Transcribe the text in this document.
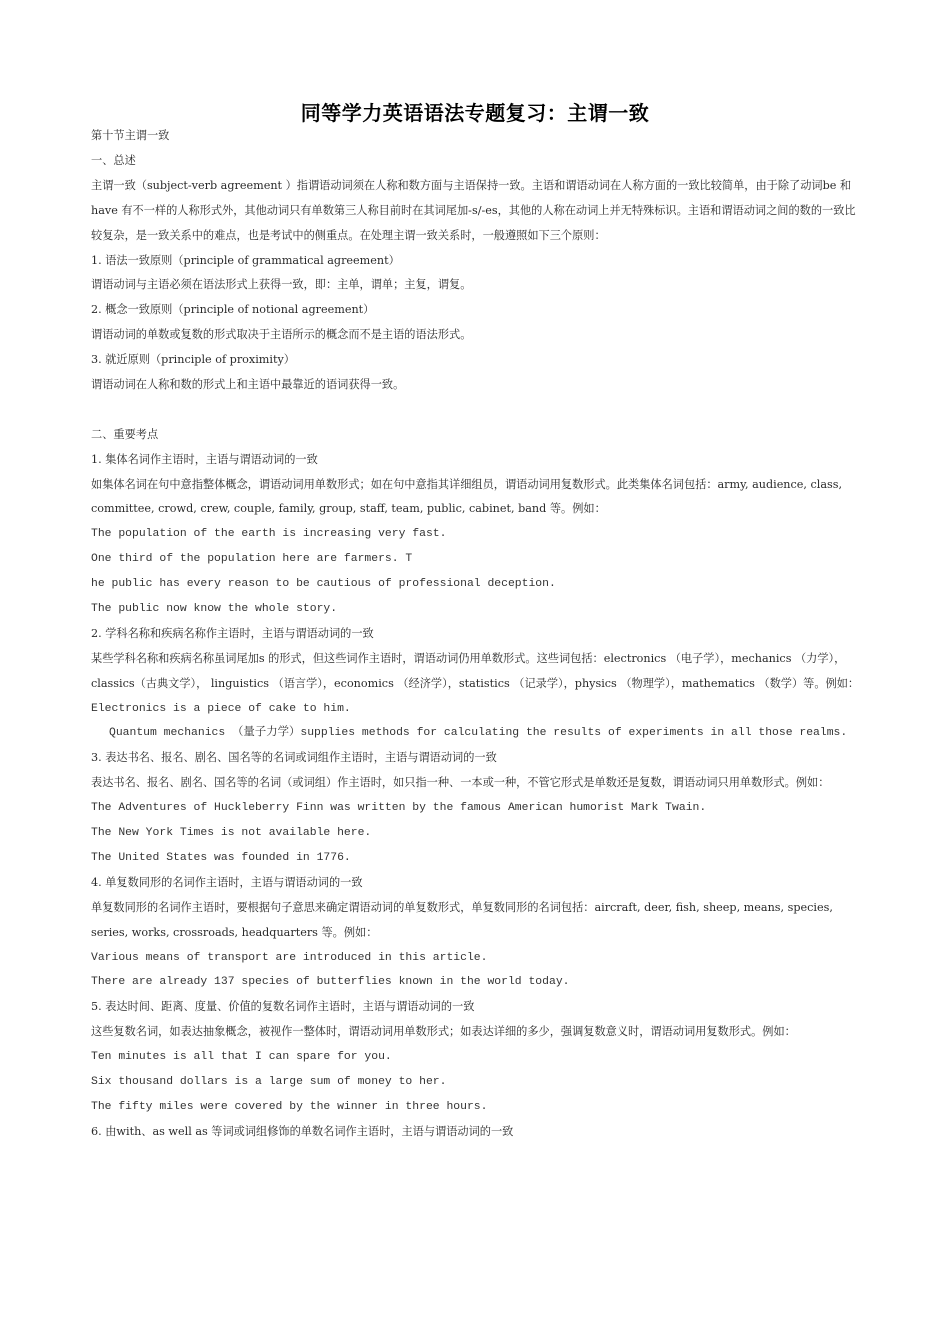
同等学力英语语法专题复习：主谓一致
第十节主谓一致
一、总述
主谓一致（subject-verb agreement ）指谓语动词须在人称和数方面与主语保持一致。主语和谓语动词在人称方面的一致比较简单，由于除了动词be 和have 有不一样的人称形式外，其他动词只有单数第三人称目前时在其词尾加-s/-es，其他的人称在动词上并无特殊标识。主语和谓语动词之间的数的一致比较复杂，是一致关系中的难点，也是考试中的侧重点。在处理主谓一致关系时，一般遵照如下三个原则：
1. 语法一致原则（principle of grammatical agreement）
谓语动词与主语必须在语法形式上获得一致，即：主单，谓单；主复，谓复。
2. 概念一致原则（principle of notional agreement）
谓语动词的单数或复数的形式取决于主语所示的概念而不是主语的语法形式。
3. 就近原则（principle of proximity）
谓语动词在人称和数的形式上和主语中最靠近的语词获得一致。
二、重要考点
1. 集体名词作主语时，主语与谓语动词的一致
如集体名词在句中意指整体概念，谓语动词用单数形式；如在句中意指其详细组员，谓语动词用复数形式。此类集体名词包括：army, audience, class, committee, crowd, crew, couple, family, group, staff, team, public, cabinet, band 等。例如：
The population of the earth is increasing very fast.
One third of the population here are farmers. T
he public has every reason to be cautious of professional deception.
The public now know the whole story.
2. 学科名称和疾病名称作主语时，主语与谓语动词的一致
某些学科名称和疾病名称虽词尾加s 的形式，但这些词作主语时，谓语动词仍用单数形式。这些词包括：electronics （电子学），mechanics （力学），classics（古典文学）， linguistics （语言学），economics （经济学），statistics （记录学），physics （物理学），mathematics （数学）等。例如：
Electronics is a piece of cake to him.
Quantum mechanics （量子力学）supplies methods for calculating the results of experiments in all those realms.
3. 表达书名、报名、剧名、国名等的名词或词组作主语时，主语与谓语动词的一致
表达书名、报名、剧名、国名等的名词（或词组）作主语时，如只指一种、一本或一种，不管它形式是单数还是复数，谓语动词只用单数形式。例如：
The Adventures of Huckleberry Finn was written by the famous American humorist Mark Twain.
The New York Times is not available here.
The United States was founded in 1776.
4. 单复数同形的名词作主语时，主语与谓语动词的一致
单复数同形的名词作主语时，要根据句子意思来确定谓语动词的单复数形式，单复数同形的名词包括：aircraft, deer, fish, sheep, means, species, series, works, crossroads, headquarters 等。例如：
Various means of transport are introduced in this article.
There are already 137 species of butterflies known in the world today.
5. 表达时间、距离、度量、价值的复数名词作主语时，主语与谓语动词的一致
这些复数名词，如表达抽象概念，被视作一整体时，谓语动词用单数形式；如表达详细的多少，强调复数意义时，谓语动词用复数形式。例如：
Ten minutes is all that I can spare for you.
Six thousand dollars is a large sum of money to her.
The fifty miles were covered by the winner in three hours.
6. 由with、as well as 等词或词组修饰的单数名词作主语时，主语与谓语动词的一致
